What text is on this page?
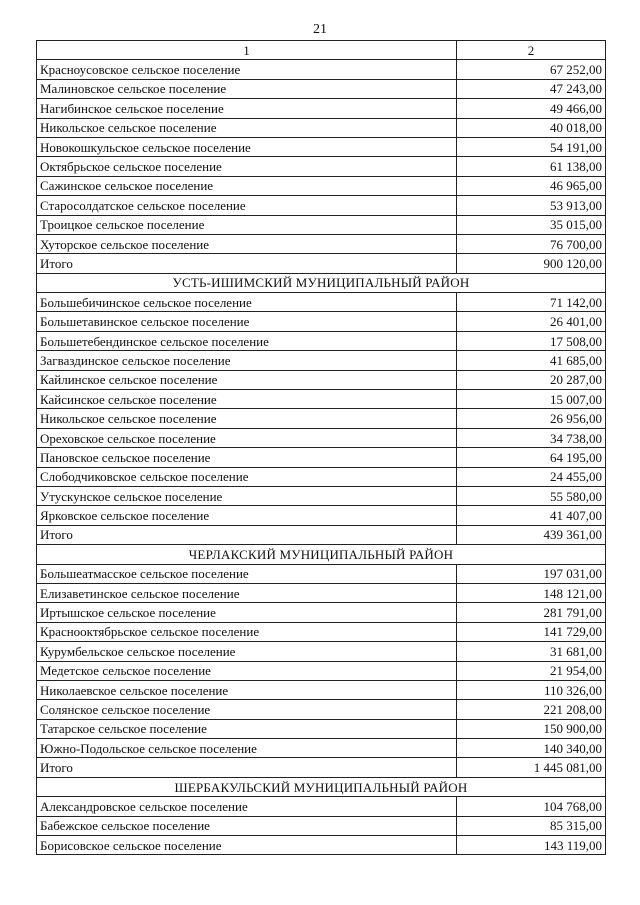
21
1	2
Красноусовское сельское поселение	67 252,00
Малиновское сельское поселение	47 243,00
Нагибинское сельское поселение	49 466,00
Никольское сельское поселение	40 018,00
Новокошкульское сельское поселение	54 191,00
Октябрьское сельское поселение	61 138,00
Сажинское сельское поселение	46 965,00
Старосолдатское сельское поселение	53 913,00
Троицкое сельское поселение	35 015,00
Хуторское сельское поселение	76 700,00
Итого	900 120,00
УСТЬ-ИШИМСКИЙ МУНИЦИПАЛЬНЫЙ РАЙОН	
Большебичинское сельское поселение	71 142,00
Большетавинское сельское поселение	26 401,00
Большетебендинское сельское поселение	17 508,00
Загваздинское сельское поселение	41 685,00
Кайлинское сельское поселение	20 287,00
Кайсинское сельское поселение	15 007,00
Никольское сельское поселение	26 956,00
Ореховское сельское поселение	34 738,00
Пановское сельское поселение	64 195,00
Слободчиковское сельское поселение	24 455,00
Утускунское сельское поселение	55 580,00
Ярковское сельское поселение	41 407,00
Итого	439 361,00
ЧЕРЛАКСКИЙ МУНИЦИПАЛЬНЫЙ РАЙОН	
Большеатмасское сельское поселение	197 031,00
Елизаветинское сельское поселение	148 121,00
Иртышское сельское поселение	281 791,00
Краснооктябрьское сельское поселение	141 729,00
Курумбельское сельское поселение	31 681,00
Медетское сельское поселение	21 954,00
Николаевское сельское поселение	110 326,00
Солянское сельское поселение	221 208,00
Татарское сельское поселение	150 900,00
Южно-Подольское сельское поселение	140 340,00
Итого	1 445 081,00
ШЕРБАКУЛЬСКИЙ МУНИЦИПАЛЬНЫЙ РАЙОН	
Александровское сельское поселение	104 768,00
Бабежское сельское поселение	85 315,00
Борисовское сельское поселение	143 119,00
